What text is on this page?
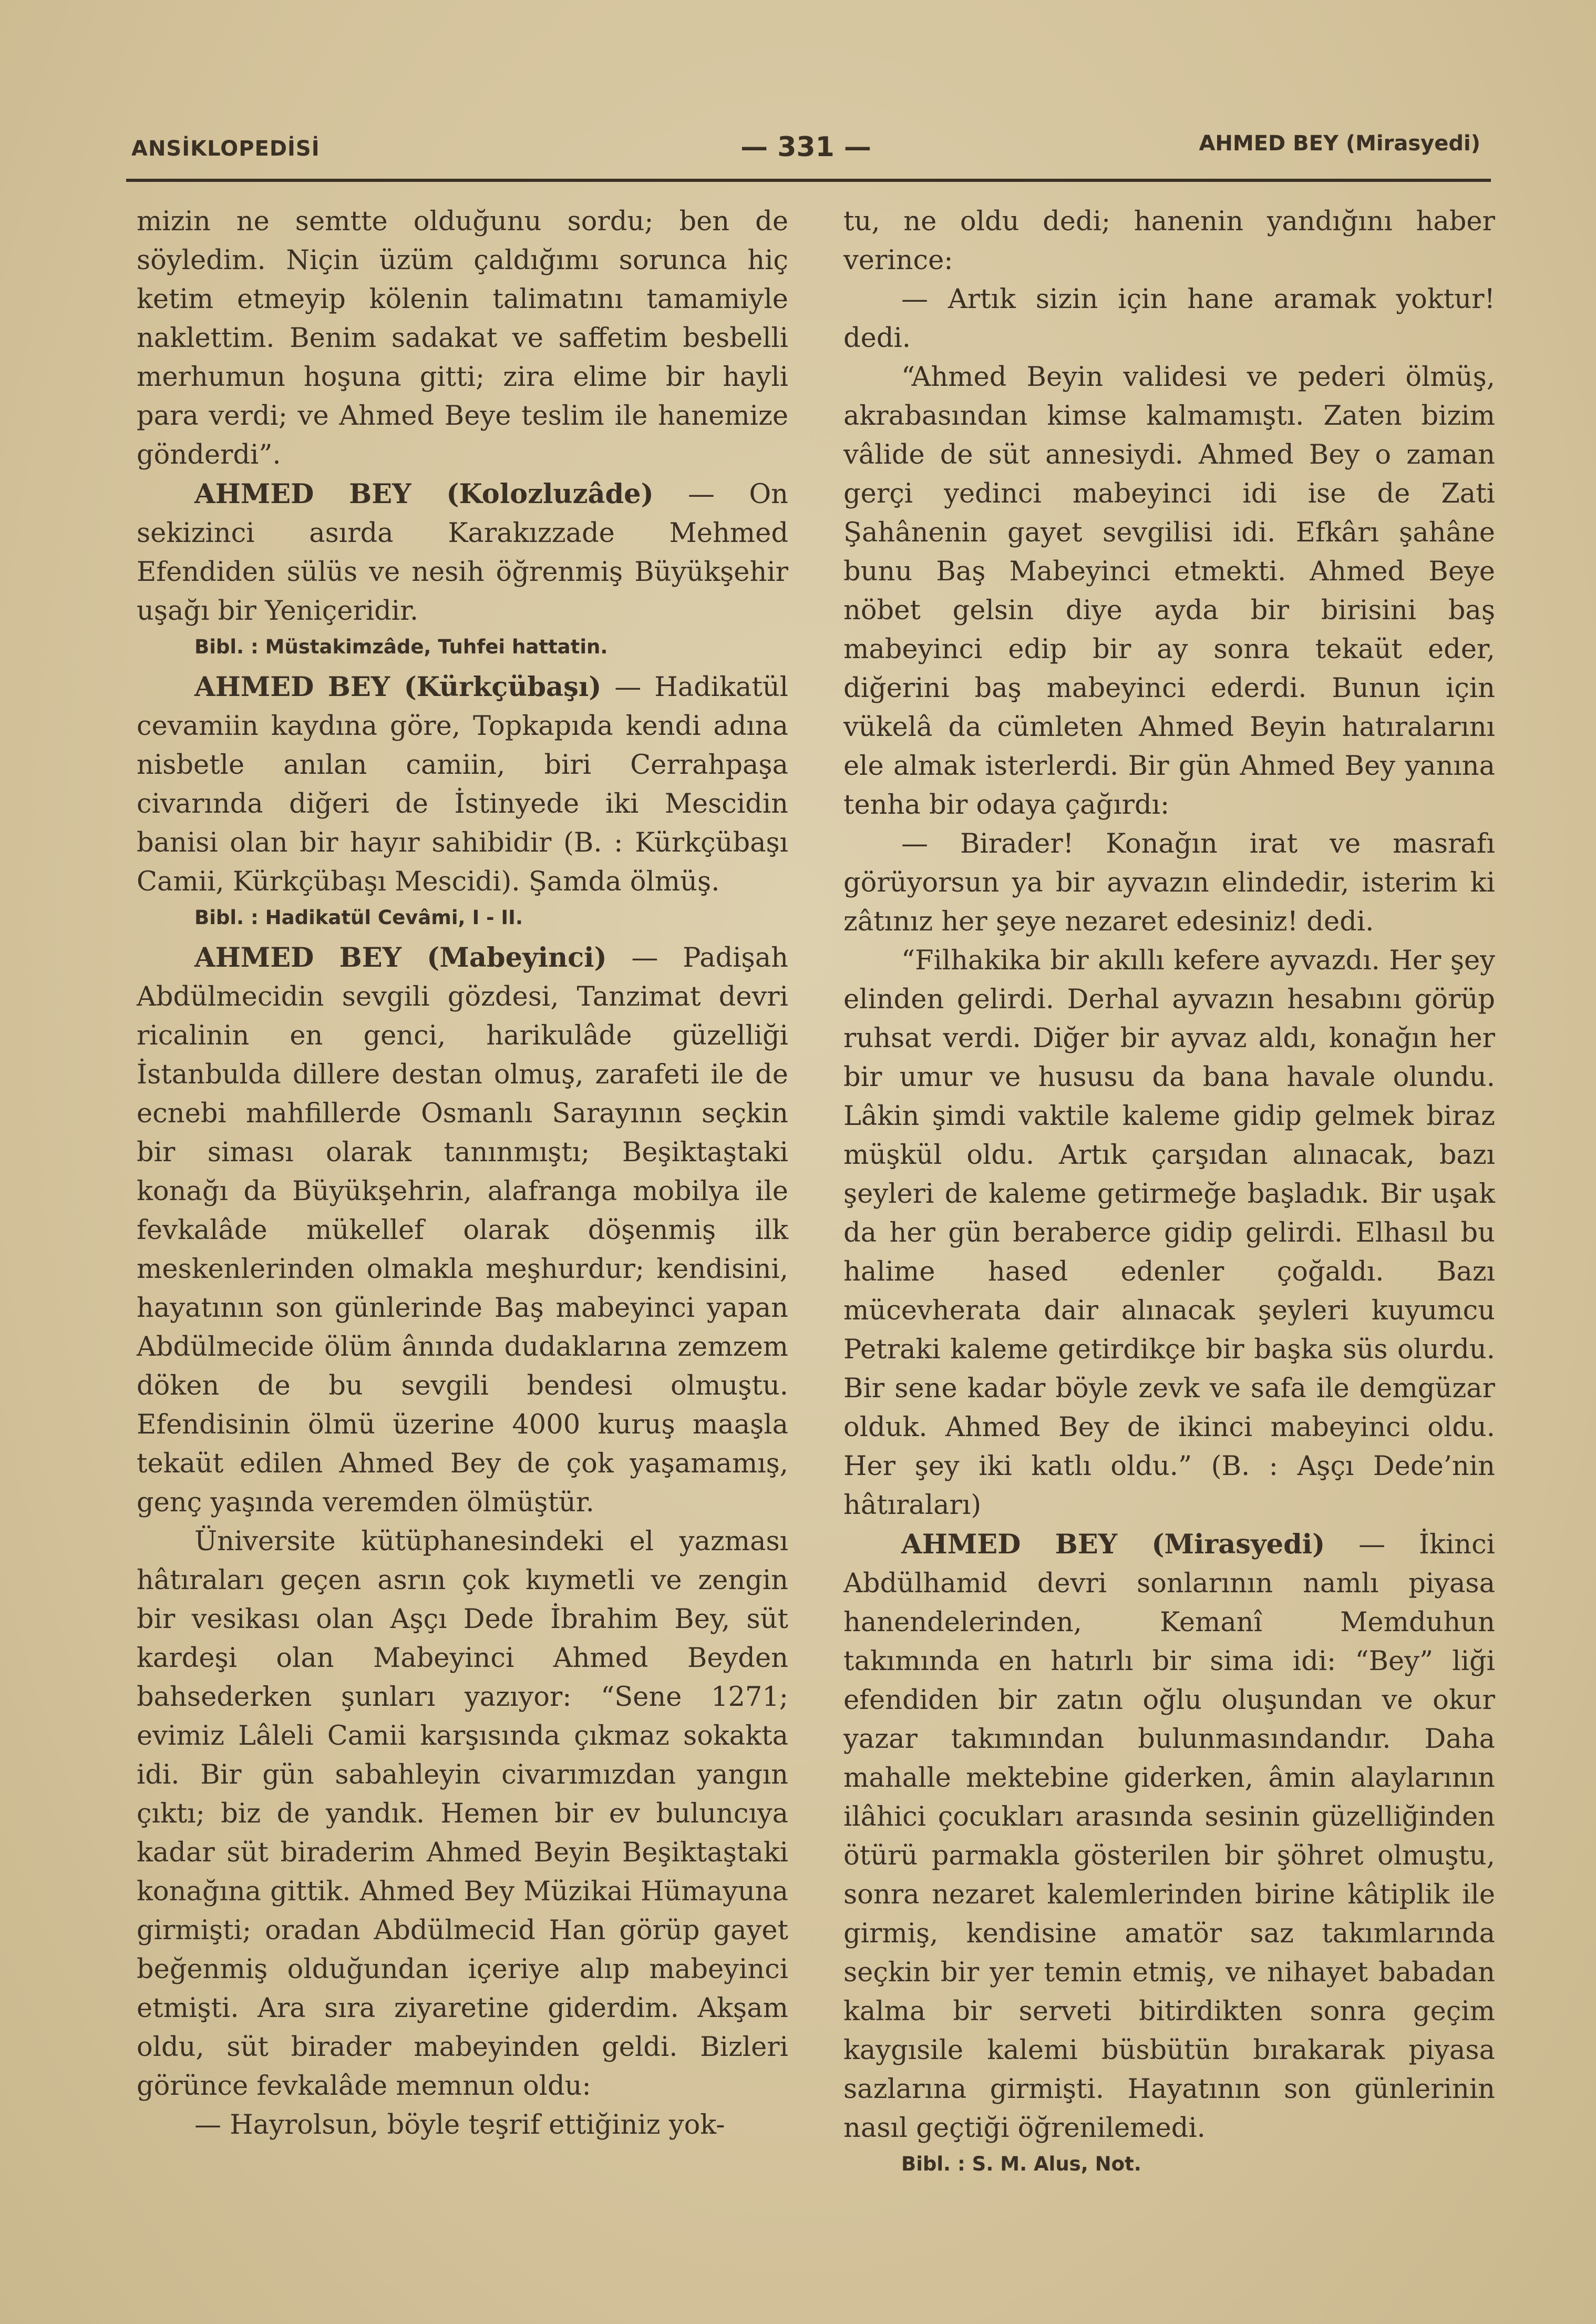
ANSİKLOPEDİSİ	— 331 —	AHMED BEY (Mirasyedi)

mizin ne semtte olduğunu sordu; ben de söyledim. Niçin üzüm çaldığımı sorunca hiç ketim etmeyip kölenin talimatını tamamiyle naklettim. Benim sadakat ve saffetim besbelli merhumun hoşuna gitti; zira elime bir hayli para verdi; ve Ahmed Beye teslim ile hanemize gönderdi”.

AHMED BEY (Kolozluzâde) — On sekizinci asırda Karakızzade Mehmed Efendiden sülüs ve nesih öğrenmiş Büyükşehir uşağı bir Yeniçeridir.

Bibl. : Müstakimzâde, Tuhfei hattatin.

AHMED BEY (Kürkçübaşı) — Hadikatül cevamiin kaydına göre, Topkapıda kendi adına nisbetle anılan camiin, biri Cerrahpaşa civarında diğeri de İstinyede iki Mescidin banisi olan bir hayır sahibidir (B. : Kürkçübaşı Camii, Kürkçübaşı Mescidi). Şamda ölmüş.

Bibl. : Hadikatül Cevâmi, I - II.

AHMED BEY (Mabeyinci) — Padişah Abdülmecidin sevgili gözdesi, Tanzimat devri ricalinin en genci, harikulâde güzelliği İstanbulda dillere destan olmuş, zarafeti ile de ecnebi mahfillerde Osmanlı Sarayının seçkin bir siması olarak tanınmıştı; Beşiktaştaki konağı da Büyükşehrin, alafranga mobilya ile fevkalâde mükellef olarak döşenmiş ilk meskenlerinden olmakla meşhurdur; kendisini, hayatının son günlerinde Baş mabeyinci yapan Abdülmecide ölüm ânında dudaklarına zemzem döken de bu sevgili bendesi olmuştu. Efendisinin ölmü üzerine 4000 kuruş maaşla tekaüt edilen Ahmed Bey de çok yaşamamış, genç yaşında veremden ölmüştür.

Üniversite kütüphanesindeki el yazması hâtıraları geçen asrın çok kıymetli ve zengin bir vesikası olan Aşçı Dede İbrahim Bey, süt kardeşi olan Mabeyinci Ahmed Beyden bahsederken şunları yazıyor: “Sene 1271; evimiz Lâleli Camii karşısında çıkmaz sokakta idi. Bir gün sabahleyin civarımızdan yangın çıktı; biz de yandık. Hemen bir ev buluncıya kadar süt biraderim Ahmed Beyin Beşiktaştaki konağına gittik. Ahmed Bey Müzikai Hümayuna girmişti; oradan Abdülmecid Han görüp gayet beğenmiş olduğundan içeriye alıp mabeyinci etmişti. Ara sıra ziyaretine giderdim. Akşam oldu, süt birader mabeyinden geldi. Bizleri görünce fevkalâde memnun oldu:

— Hayrolsun, böyle teşrif ettiğiniz yok-

tu, ne oldu dedi; hanenin yandığını haber verince:

— Artık sizin için hane aramak yoktur! dedi.

“Ahmed Beyin validesi ve pederi ölmüş, akrabasından kimse kalmamıştı. Zaten bizim vâlide de süt annesiydi. Ahmed Bey o zaman gerçi yedinci mabeyinci idi ise de Zati Şahânenin gayet sevgilisi idi. Efkârı şahâne bunu Baş Mabeyinci etmekti. Ahmed Beye nöbet gelsin diye ayda bir birisini baş mabeyinci edip bir ay sonra tekaüt eder, diğerini baş mabeyinci ederdi. Bunun için vükelâ da cümleten Ahmed Beyin hatıralarını ele almak isterlerdi. Bir gün Ahmed Bey yanına tenha bir odaya çağırdı:

— Birader! Konağın irat ve masrafı görüyorsun ya bir ayvazın elindedir, isterim ki zâtınız her şeye nezaret edesiniz! dedi.

“Filhakika bir akıllı kefere ayvazdı. Her şey elinden gelirdi. Derhal ayvazın hesabını görüp ruhsat verdi. Diğer bir ayvaz aldı, konağın her bir umur ve hususu da bana havale olundu. Lâkin şimdi vaktile kaleme gidip gelmek biraz müşkül oldu. Artık çarşıdan alınacak, bazı şeyleri de kaleme getirmeğe başladık. Bir uşak da her gün beraberce gidip gelirdi. Elhasıl bu halime hased edenler çoğaldı. Bazı mücevherata dair alınacak şeyleri kuyumcu Petraki kaleme getirdikçe bir başka süs olurdu. Bir sene kadar böyle zevk ve safa ile demgüzar olduk. Ahmed Bey de ikinci mabeyinci oldu. Her şey iki katlı oldu.” (B. : Aşçı Dede’nin hâtıraları)

AHMED BEY (Mirasyedi) — İkinci Abdülhamid devri sonlarının namlı piyasa hanendelerinden, Kemanî Memduhun takımında en hatırlı bir sima idi: “Bey” liği efendiden bir zatın oğlu oluşundan ve okur yazar takımından bulunmasındandır. Daha mahalle mektebine giderken, âmin alaylarının ilâhici çocukları arasında sesinin güzelliğinden ötürü parmakla gösterilen bir şöhret olmuştu, sonra nezaret kalemlerinden birine kâtiplik ile girmiş, kendisine amatör saz takımlarında seçkin bir yer temin etmiş, ve nihayet babadan kalma bir serveti bitirdikten sonra geçim kaygısile kalemi büsbütün bırakarak piyasa sazlarına girmişti. Hayatının son günlerinin nasıl geçtiği öğrenilemedi.

Bibl. : S. M. Alus, Not.
